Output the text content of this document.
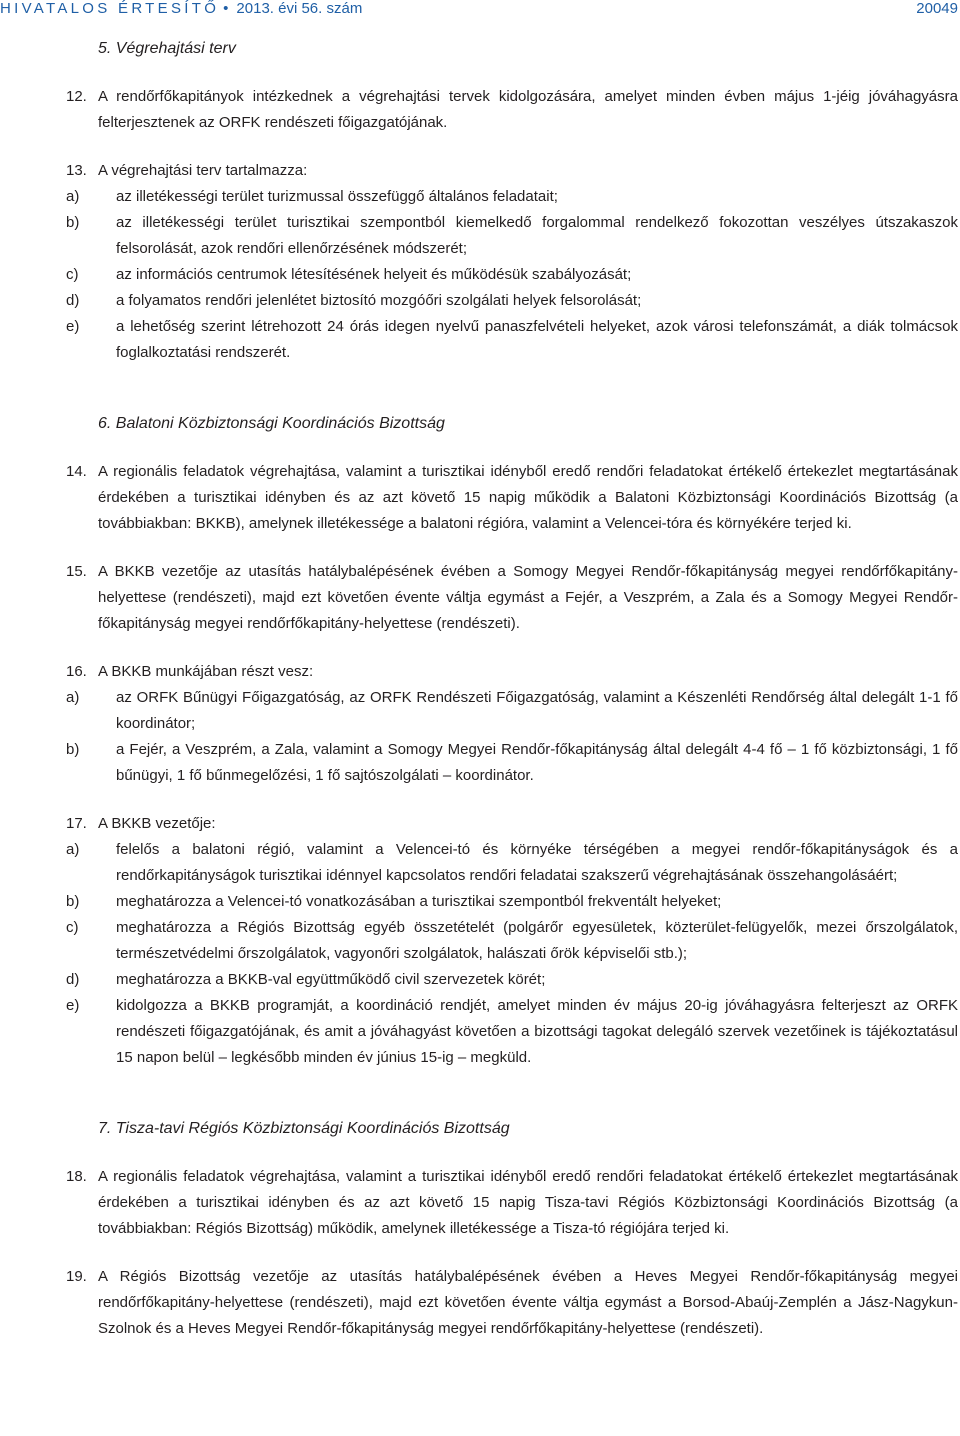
HIVATALOS ÉRTESÍTŐ • 2013. évi 56. szám	20049
5. Végrehajtási terv
12. A rendőrfőkapitányok intézkednek a végrehajtási tervek kidolgozására, amelyet minden évben május 1-jéig jóváhagyásra felterjesztenek az ORFK rendészeti főigazgatójának.
13. A végrehajtási terv tartalmazza:
a)	az illetékességi terület turizmussal összefüggő általános feladatait;
b)	az illetékességi terület turisztikai szempontból kiemelkedő forgalommal rendelkező fokozottan veszélyes útszakaszok felsorolását, azok rendőri ellenőrzésének módszerét;
c)	az információs centrumok létesítésének helyeit és működésük szabályozását;
d)	a folyamatos rendőri jelenlétet biztosító mozgóőri szolgálati helyek felsorolását;
e)	a lehetőség szerint létrehozott 24 órás idegen nyelvű panaszfelvételi helyeket, azok városi telefonszámát, a diák tolmácsok foglalkoztatási rendszerét.
6. Balatoni Közbiztonsági Koordinációs Bizottság
14. A regionális feladatok végrehajtása, valamint a turisztikai idényből eredő rendőri feladatokat értékelő értekezlet megtartásának érdekében a turisztikai idényben és az azt követő 15 napig működik a Balatoni Közbiztonsági Koordinációs Bizottság (a továbbiakban: BKKB), amelynek illetékessége a balatoni régióra, valamint a Velencei-tóra és környékére terjed ki.
15. A BKKB vezetője az utasítás hatálybalépésének évében a Somogy Megyei Rendőr-főkapitányság megyei rendőrfőkapitány-helyettese (rendészeti), majd ezt követően évente váltja egymást a Fejér, a Veszprém, a Zala és a Somogy Megyei Rendőr-főkapitányság megyei rendőrfőkapitány-helyettese (rendészeti).
16. A BKKB munkájában részt vesz:
a)	az ORFK Bűnügyi Főigazgatóság, az ORFK Rendészeti Főigazgatóság, valamint a Készenléti Rendőrség által delegált 1-1 fő koordinátor;
b)	a Fejér, a Veszprém, a Zala, valamint a Somogy Megyei Rendőr-főkapitányság által delegált 4-4 fő – 1 fő közbiztonsági, 1 fő bűnügyi, 1 fő bűnmegelőzési, 1 fő sajtószolgálati – koordinátor.
17. A BKKB vezetője:
a)	felelős a balatoni régió, valamint a Velencei-tó és környéke térségében a megyei rendőr-főkapitányságok és a rendőrkapitányságok turisztikai idénnyel kapcsolatos rendőri feladatai szakszerű végrehajtásának összehangolásáért;
b)	meghatározza a Velencei-tó vonatkozásában a turisztikai szempontból frekventált helyeket;
c)	meghatározza a Régiós Bizottság egyéb összetételét (polgárőr egyesületek, közterület-felügyelők, mezei őrszolgálatok, természetvédelmi őrszolgálatok, vagyonőri szolgálatok, halászati őrök képviselői stb.);
d)	meghatározza a BKKB-val együttműködő civil szervezetek körét;
e)	kidolgozza a BKKB programját, a koordináció rendjét, amelyet minden év május 20-ig jóváhagyásra felterjeszt az ORFK rendészeti főigazgatójának, és amit a jóváhagyást követően a bizottsági tagokat delegáló szervek vezetőinek is tájékoztatásul 15 napon belül – legkésőbb minden év június 15-ig – megküld.
7. Tisza-tavi Régiós Közbiztonsági Koordinációs Bizottság
18. A regionális feladatok végrehajtása, valamint a turisztikai idényből eredő rendőri feladatokat értékelő értekezlet megtartásának érdekében a turisztikai idényben és az azt követő 15 napig Tisza-tavi Régiós Közbiztonsági Koordinációs Bizottság (a továbbiakban: Régiós Bizottság) működik, amelynek illetékessége a Tisza-tó régiójára terjed ki.
19. A Régiós Bizottság vezetője az utasítás hatálybalépésének évében a Heves Megyei Rendőr-főkapitányság megyei rendőrfőkapitány-helyettese (rendészeti), majd ezt követően évente váltja egymást a Borsod-Abaúj-Zemplén a Jász-Nagykun-Szolnok és a Heves Megyei Rendőr-főkapitányság megyei rendőrfőkapitány-helyettese (rendészeti).
